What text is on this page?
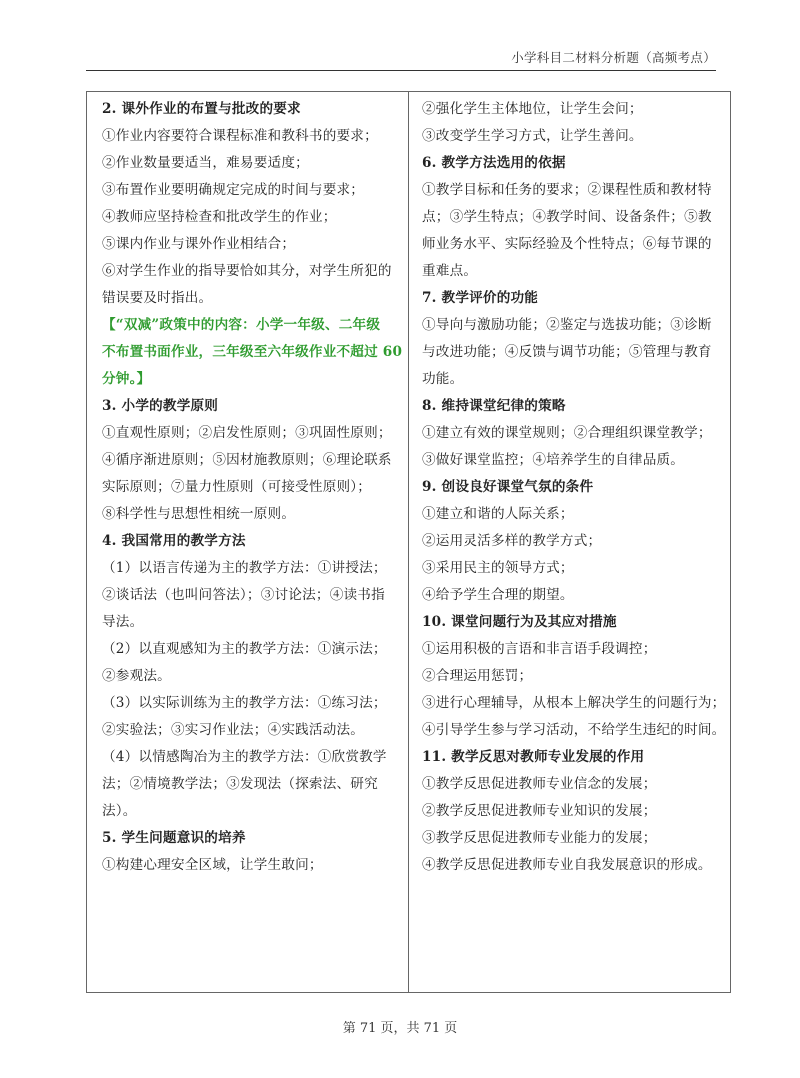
小学科目二材料分析题（高频考点）
2. 课外作业的布置与批改的要求
①作业内容要符合课程标准和教科书的要求；
②作业数量要适当，难易要适度；
③布置作业要明确规定完成的时间与要求；
④教师应坚持检查和批改学生的作业；
⑤课内作业与课外作业相结合；
⑥对学生作业的指导要恰如其分，对学生所犯的
错误要及时指出。
【“双减”政策中的内容：小学一年级、二年级
不布置书面作业，三年级至六年级作业不超过 60
分钟。】
3. 小学的教学原则
①直观性原则；②启发性原则；③巩固性原则；
④循序渐进原则；⑤因材施教原则；⑥理论联系
实际原则；⑦量力性原则（可接受性原则）；
⑧科学性与思想性相统一原则。
4. 我国常用的教学方法
（1）以语言传递为主的教学方法：①讲授法；
②谈话法（也叫问答法）；③讨论法；④读书指
导法。
（2）以直观感知为主的教学方法：①演示法；
②参观法。
（3）以实际训练为主的教学方法：①练习法；
②实验法；③实习作业法；④实践活动法。
（4）以情感陶冶为主的教学方法：①欣赏教学
法；②情境教学法；③发现法（探索法、研究
法）。
5. 学生问题意识的培养
①构建心理安全区域，让学生敢问；
②强化学生主体地位，让学生会问；
③改变学生学习方式，让学生善问。
6. 教学方法选用的依据
①教学目标和任务的要求；②课程性质和教材特
点；③学生特点；④教学时间、设备条件；⑤教
师业务水平、实际经验及个性特点；⑥每节课的
重难点。
7. 教学评价的功能
①导向与激励功能；②鉴定与选拔功能；③诊断
与改进功能；④反馈与调节功能；⑤管理与教育
功能。
8. 维持课堂纪律的策略
①建立有效的课堂规则；②合理组织课堂教学；
③做好课堂监控；④培养学生的自律品质。
9. 创设良好课堂气氛的条件
①建立和谐的人际关系；
②运用灵活多样的教学方式；
③采用民主的领导方式；
④给予学生合理的期望。
10. 课堂问题行为及其应对措施
①运用积极的言语和非言语手段调控；
②合理运用惩罚；
③进行心理辅导，从根本上解决学生的问题行为；
④引导学生参与学习活动，不给学生违纪的时间。
11. 教学反思对教师专业发展的作用
①教学反思促进教师专业信念的发展；
②教学反思促进教师专业知识的发展；
③教学反思促进教师专业能力的发展；
④教学反思促进教师专业自我发展意识的形成。
第 71 页，共 71 页
